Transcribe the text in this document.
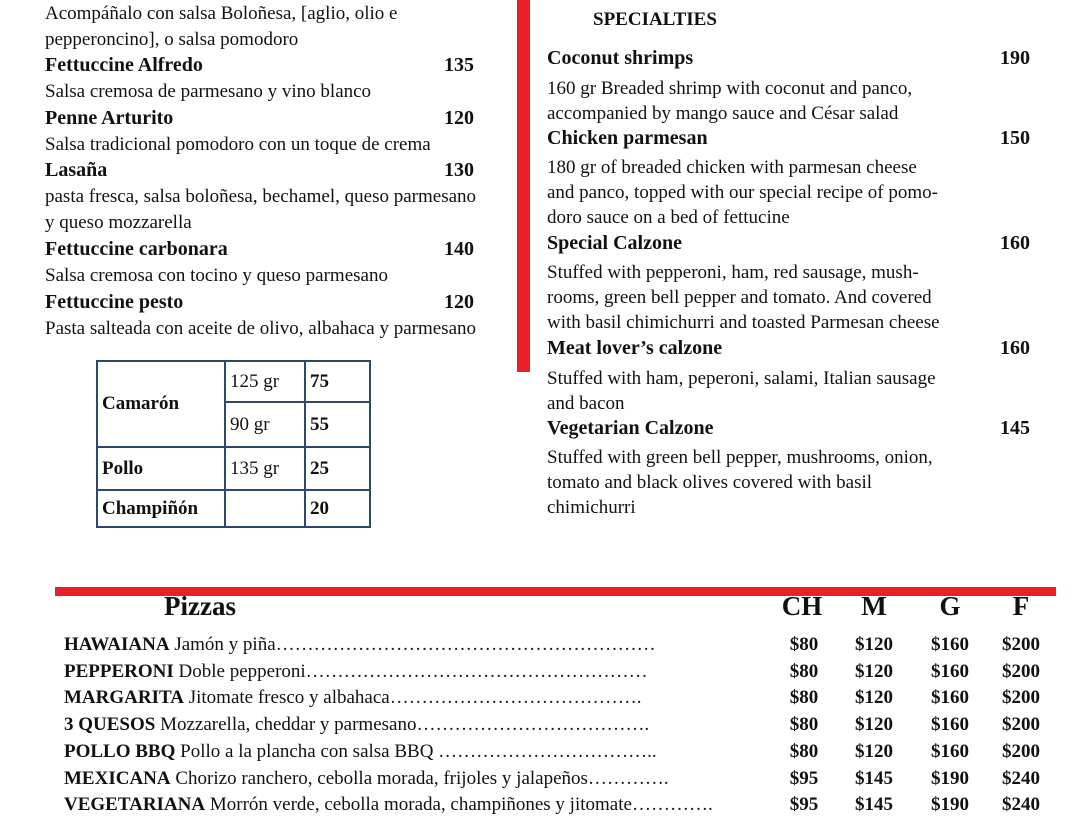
Acompáñalo con salsa Boloñesa, [aglio, olio e
pepperoncino], o salsa pomodoro
Fettuccine Alfredo	135
Salsa cremosa de parmesano y vino blanco
Penne Arturito	120
Salsa tradicional pomodoro con un toque de crema
Lasaña	130
pasta fresca, salsa boloñesa, bechamel, queso parmesano
y queso mozzarella
Fettuccine carbonara	140
Salsa cremosa con tocino y queso parmesano
Fettuccine pesto	120
Pasta salteada con aceite de olivo, albahaca y parmesano
Camarón	125 gr	75
	90 gr	55
Pollo	135 gr	25
Champiñón		20
SPECIALTIES
Coconut shrimps	190
160 gr Breaded shrimp with coconut and panco,
accompanied by mango sauce and César salad
Chicken parmesan	150
180 gr of breaded chicken with parmesan cheese
and panco, topped with our special recipe of pomo-
doro sauce on a bed of fettucine
Special Calzone	160
Stuffed with pepperoni, ham, red sausage, mush-
rooms, green bell pepper and tomato. And covered
with basil chimichurri and toasted Parmesan cheese
Meat lover’s calzone	160
Stuffed with ham, peperoni, salami, Italian sausage
and bacon
Vegetarian Calzone	145
Stuffed with green bell pepper, mushrooms, onion,
tomato and black olives covered with basil
chimichurri
Pizzas	CH	M	G	F
HAWAIANA Jamón y piña……………………………………………………	$80	$120	$160	$200
PEPPERONI Doble pepperoni………………………………………………	$80	$120	$160	$200
MARGARITA Jitomate fresco y albahaca………………………………….	$80	$120	$160	$200
3 QUESOS Mozzarella, cheddar y parmesano……………………………….	$80	$120	$160	$200
POLLO BBQ Pollo a la plancha con salsa BBQ ……………………………..	$80	$120	$160	$200
MEXICANA Chorizo ranchero, cebolla morada, frijoles y jalapeños………….	$95	$145	$190	$240
VEGETARIANA Morrón verde, cebolla morada, champiñones y jitomate………….	$95	$145	$190	$240
